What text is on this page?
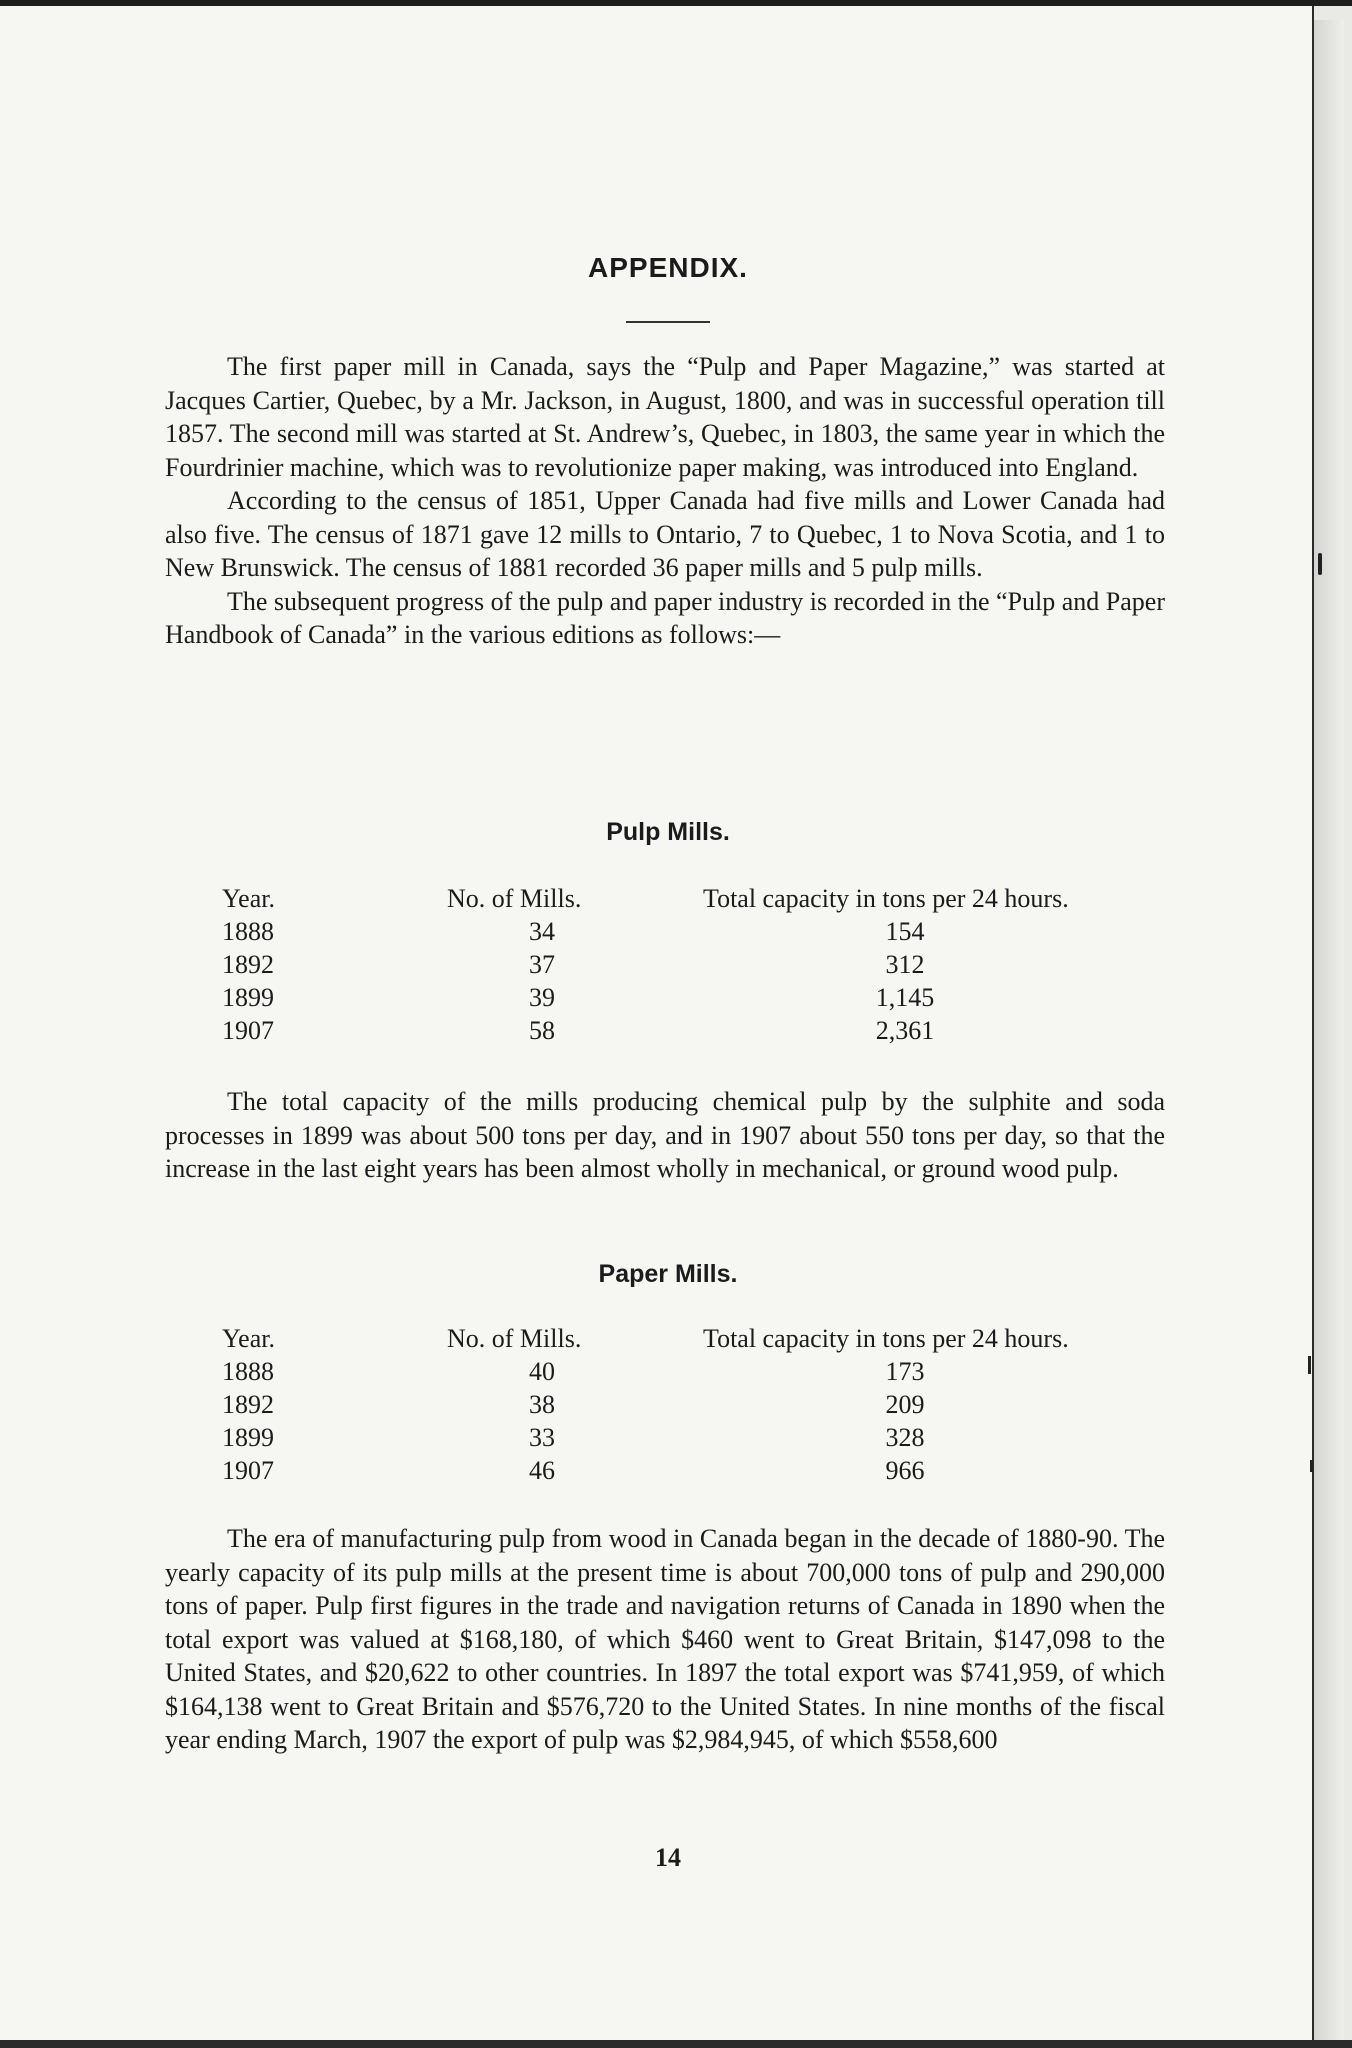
APPENDIX.

The first paper mill in Canada, says the “Pulp and Paper Magazine,” was started at Jacques Cartier, Quebec, by a Mr. Jackson, in August, 1800, and was in successful operation till 1857. The second mill was started at St. Andrew’s, Quebec, in 1803, the same year in which the Fourdrinier machine, which was to revolutionize paper making, was introduced into England.

According to the census of 1851, Upper Canada had five mills and Lower Canada had also five. The census of 1871 gave 12 mills to Ontario, 7 to Quebec, 1 to Nova Scotia, and 1 to New Brunswick. The census of 1881 recorded 36 paper mills and 5 pulp mills.

The subsequent progress of the pulp and paper industry is recorded in the “Pulp and Paper Handbook of Canada” in the various editions as follows:—

Pulp Mills.
Year.	No. of Mills.	Total capacity in tons per 24 hours.
1888	34	154
1892	37	312
1899	39	1,145
1907	58	2,361

The total capacity of the mills producing chemical pulp by the sulphite and soda processes in 1899 was about 500 tons per day, and in 1907 about 550 tons per day, so that the increase in the last eight years has been almost wholly in mechanical, or ground wood pulp.

Paper Mills.
Year.	No. of Mills.	Total capacity in tons per 24 hours.
1888	40	173
1892	38	209
1899	33	328
1907	46	966

The era of manufacturing pulp from wood in Canada began in the decade of 1880-90. The yearly capacity of its pulp mills at the present time is about 700,000 tons of pulp and 290,000 tons of paper. Pulp first figures in the trade and navigation returns of Canada in 1890 when the total export was valued at $168,180, of which $460 went to Great Britain, $147,098 to the United States, and $20,622 to other countries. In 1897 the total export was $741,959, of which $164,138 went to Great Britain and $576,720 to the United States. In nine months of the fiscal year ending March, 1907 the export of pulp was $2,984,945, of which $558,600

14
